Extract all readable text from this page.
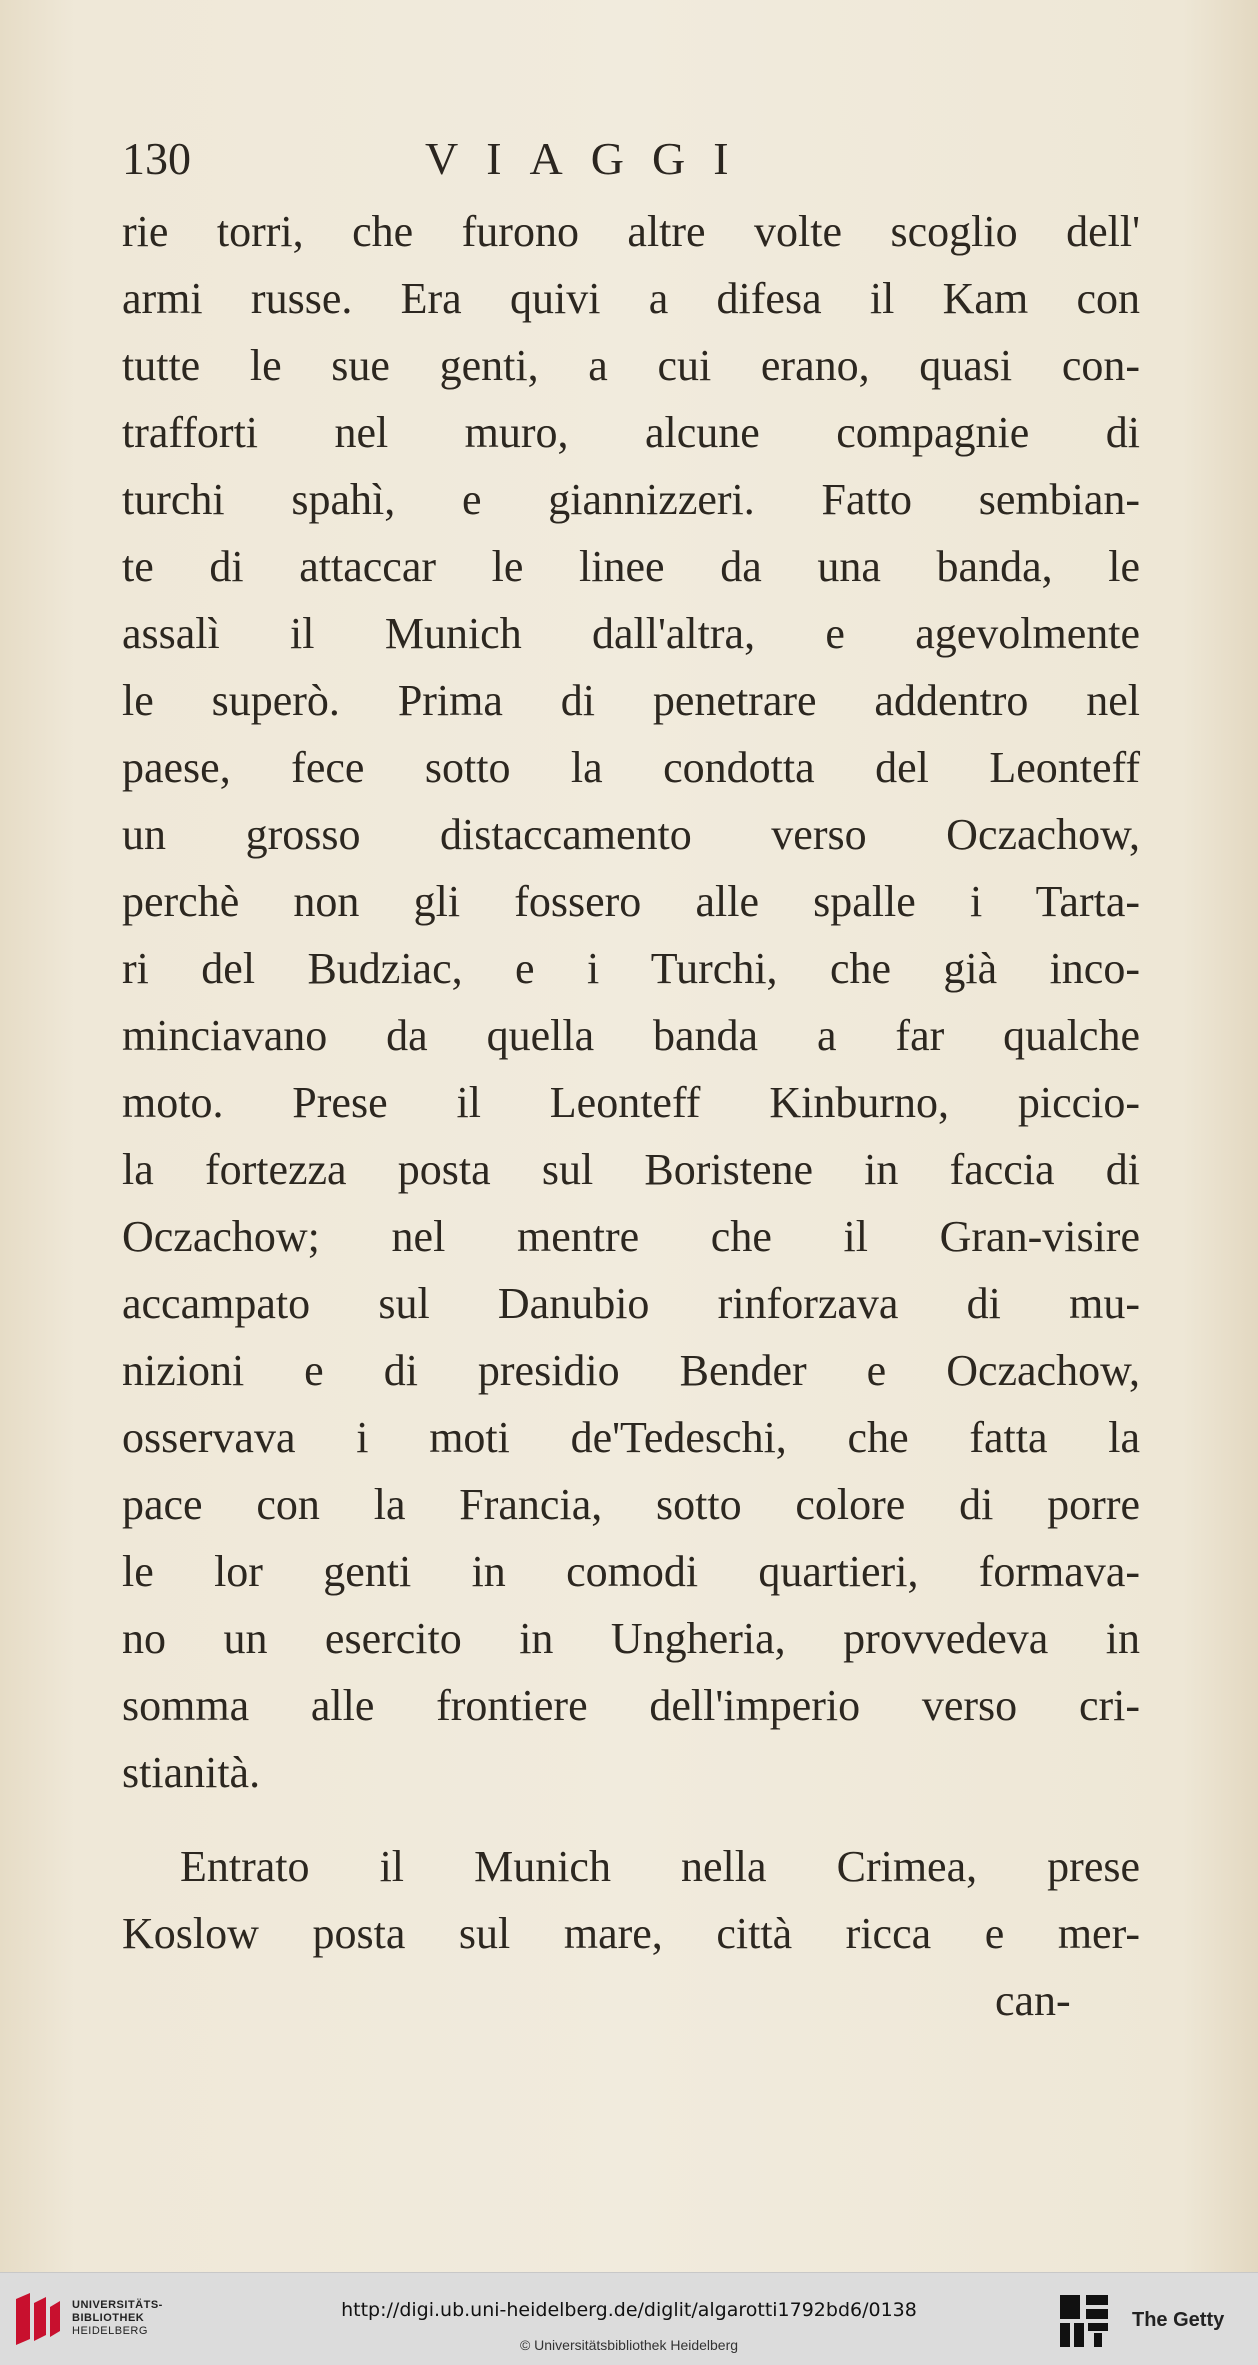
130	VIAGGI
rie torri, che furono altre volte scoglio dell'
armi russe. Era quivi a difesa il Kam con
tutte le sue genti, a cui erano, quasi con-
trafforti nel muro, alcune compagnie di
turchi spahì, e giannizzeri. Fatto sembian-
te di attaccar le linee da una banda, le
assalì il Munich dall'altra, e agevolmente
le superò. Prima di penetrare addentro nel
paese, fece sotto la condotta del Leonteff
un grosso distaccamento verso Oczachow,
perchè non gli fossero alle spalle i Tarta-
ri del Budziac, e i Turchi, che già inco-
minciavano da quella banda a far qualche
moto. Prese il Leonteff Kinburno, piccio-
la fortezza posta sul Boristene in faccia di
Oczachow; nel mentre che il Gran-visire
accampato sul Danubio rinforzava di mu-
nizioni e di presidio Bender e Oczachow,
osservava i moti de'Tedeschi, che fatta la
pace con la Francia, sotto colore di porre
le lor genti in comodi quartieri, formava-
no un esercito in Ungheria, provvedeva in
somma alle frontiere dell'imperio verso cri-
stianità.
Entrato il Munich nella Crimea, prese
Koslow posta sul mare, città ricca e mer-
can-
UNIVERSITÄTS-
BIBLIOTHEK
HEIDELBERG
http://digi.ub.uni-heidelberg.de/diglit/algarotti1792bd6/0138
© Universitätsbibliothek Heidelberg
The Getty
